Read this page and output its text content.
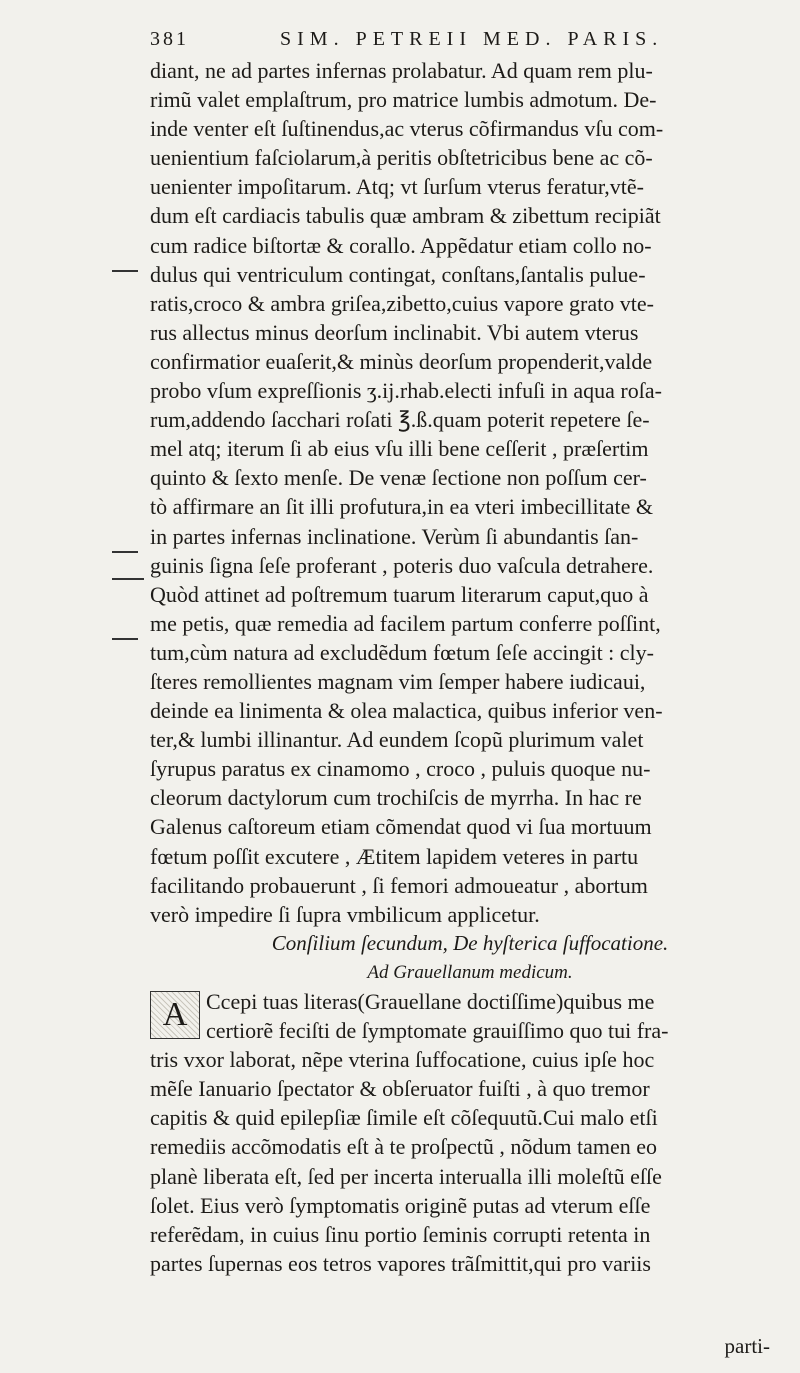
381	SIM. PETREII MED. PARIS.
diant, ne ad partes infernas prolabatur. Ad quam rem plu-
rimũ valet emplaſtrum, pro matrice lumbis admotum. De-
inde venter eſt ſuſtinendus,ac vterus cõfirmandus vſu com-
uenientium faſciolarum,à peritis obſtetricibus bene ac cõ-
uenienter impoſitarum. Atq; vt ſurſum vterus feratur,vtẽ-
dum eſt cardiacis tabulis quæ ambram & zibettum recipiãt
cum radice biſtortæ & corallo. Appẽdatur etiam collo no-
dulus qui ventriculum contingat, conſtans,ſantalis pulue-
ratis,croco & ambra griſea,zibetto,cuius vapore grato vte-
rus allectus minus deorſum inclinabit. Vbi autem vterus
confirmatior euaſerit,& minùs deorſum propenderit,valde
probo vſum expreſſionis ʒ.ij.rhab.electi infuſi in aqua roſa-
rum,addendo ſacchari roſati ℥.ß.quam poterit repetere ſe-
mel atq; iterum ſi ab eius vſu illi bene ceſſerit , præſertim
quinto & ſexto menſe. De venæ ſectione non poſſum cer-
tò affirmare an ſit illi profutura,in ea vteri imbecillitate &
in partes infernas inclinatione. Verùm ſi abundantis ſan-
guinis ſigna ſeſe proferant , poteris duo vaſcula detrahere.
Quòd attinet ad poſtremum tuarum literarum caput,quo à
me petis, quæ remedia ad facilem partum conferre poſſint,
tum,cùm natura ad excludẽdum fœtum ſeſe accingit : cly-
ſteres remollientes magnam vim ſemper habere iudicaui,
deinde ea linimenta & olea malactica, quibus inferior ven-
ter,& lumbi illinantur. Ad eundem ſcopũ plurimum valet
ſyrupus paratus ex cinamomo , croco , puluis quoque nu-
cleorum dactylorum cum trochiſcis de myrrha. In hac re
Galenus caſtoreum etiam cõmendat quod vi ſua mortuum
fœtum poſſit excutere , Ætitem lapidem veteres in partu
facilitando probauerunt , ſi femori admoueatur , abortum
verò impedire ſi ſupra vmbilicum applicetur.
Conſilium ſecundum, De hyſterica ſuffocatione.
Ad Grauellanum medicum.
A Ccepi tuas literas(Grauellane doctiſſime)quibus me
certiorẽ feciſti de ſymptomate grauiſſimo quo tui fra-
tris vxor laborat, nẽpe vterina ſuffocatione, cuius ipſe hoc
mẽſe Ianuario ſpectator & obſeruator fuiſti , à quo tremor
capitis & quid epilepſiæ ſimile eſt cõſequutũ.Cui malo etſi
remediis accõmodatis eſt à te proſpectũ , nõdum tamen eo
planè liberata eſt, ſed per incerta interualla illi moleſtũ eſſe
ſolet. Eius verò ſymptomatis originẽ putas ad vterum eſſe
referẽdam, in cuius ſinu portio ſeminis corrupti retenta in
partes ſupernas eos tetros vapores trãſmittit,qui pro variis
parti-
